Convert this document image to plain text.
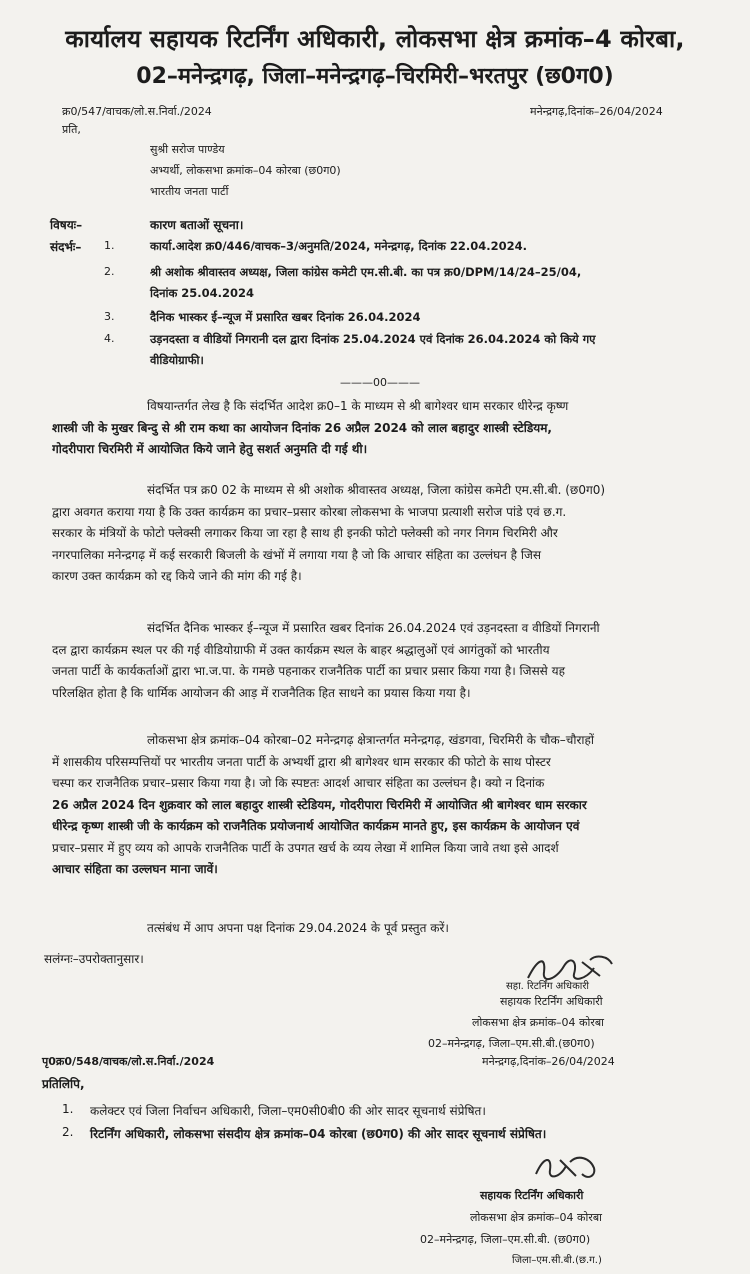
कार्यालय सहायक रिटर्निंग अधिकारी, लोकसभा क्षेत्र क्रमांक–4 कोरबा,
02–मनेन्द्रगढ़, जिला–मनेन्द्रगढ़–चिरमिरी–भरतपुर (छ0ग0)
क्र0/547/वाचक/लो.स.निर्वा./2024	मनेन्द्रगढ़,दिनांक–26/04/2024
प्रति,
सुश्री सरोज पाण्डेय
अभ्यर्थी, लोकसभा क्रमांक–04 कोरबा (छ0ग0)
भारतीय जनता पार्टी
विषयः–	कारण बताओं सूचना।
संदर्भः– 1.	कार्या.आदेश क्र0/446/वाचक–3/अनुमति/2024, मनेन्द्रगढ़, दिनांक 22.04.2024.
2.	श्री अशोक श्रीवास्तव अध्यक्ष, जिला कांग्रेस कमेटी एम.सी.बी. का पत्र क्र0/DPM/14/24–25/04,
दिनांक 25.04.2024
3.	दैनिक भास्कर ई–न्यूज में प्रसारित खबर दिनांक 26.04.2024
4.	उड़नदस्ता व वीडियों निगरानी दल द्वारा दिनांक 25.04.2024 एवं दिनांक 26.04.2024 को किये गए
वीडियोग्राफी।
———00———
विषयान्तर्गत लेख है कि संदर्भित आदेश क्र0–1 के माध्यम से श्री बागेश्वर धाम सरकार धीरेन्द्र कृष्ण
शास्त्री जी के मुखर बिन्दु से श्री राम कथा का आयोजन दिनांक 26 अप्रैल 2024 को लाल बहादुर शास्त्री स्टेडियम,
गोदरीपारा चिरमिरी में आयोजित किये जाने हेतु सशर्त अनुमति दी गई थी।
संदर्भित पत्र क्र0 02 के माध्यम से श्री अशोक श्रीवास्तव अध्यक्ष, जिला कांग्रेस कमेटी एम.सी.बी. (छ0ग0)
द्वारा अवगत कराया गया है कि उक्त कार्यक्रम का प्रचार–प्रसार कोरबा लोकसभा के भाजपा प्रत्याशी सरोज पांडे एवं छ.ग.
सरकार के मंत्रियों के फोटो फ्लेक्सी लगाकर किया जा रहा है साथ ही इनकी फोटो फ्लेक्सी को नगर निगम चिरमिरी और
नगरपालिका मनेन्द्रगढ़ में कई सरकारी बिजली के खंभों में लगाया गया है जो कि आचार संहिता का उल्लंघन है जिस
कारण उक्त कार्यक्रम को रद्द किये जाने की मांग की गई है।
संदर्भित दैनिक भास्कर ई–न्यूज में प्रसारित खबर दिनांक 26.04.2024 एवं उड़नदस्ता व वीडियों निगरानी
दल द्वारा कार्यक्रम स्थल पर की गई वीडियोग्राफी में उक्त कार्यक्रम स्थल के बाहर श्रद्धालुओं एवं आगंतुकों को भारतीय
जनता पार्टी के कार्यकर्ताओं द्वारा भा.ज.पा. के गमछे पहनाकर राजनैतिक पार्टी का प्रचार प्रसार किया गया है। जिससे यह
परिलक्षित होता है कि धार्मिक आयोजन की आड़ में राजनैतिक हित साधने का प्रयास किया गया है।
लोकसभा क्षेत्र क्रमांक–04 कोरबा–02 मनेन्द्रगढ़ क्षेत्रान्तर्गत मनेन्द्रगढ़, खंडगवा, चिरमिरी के चौक–चौराहों
में शासकीय परिसम्पत्तियों पर भारतीय जनता पार्टी के अभ्यर्थी द्वारा श्री बागेश्वर धाम सरकार की फोटो के साथ पोस्टर
चस्पा कर राजनैतिक प्रचार–प्रसार किया गया है। जो कि स्पष्टतः आदर्श आचार संहिता का उल्लंघन है। क्यो न दिनांक
26 अप्रैल 2024 दिन शुक्रवार को लाल बहादुर शास्त्री स्टेडियम, गोदरीपारा चिरमिरी में आयोजित श्री बागेश्वर धाम सरकार
धीरेन्द्र कृष्ण शास्त्री जी के कार्यक्रम को राजनैतिक प्रयोजनार्थ आयोजित कार्यक्रम मानते हुए, इस कार्यक्रम के आयोजन एवं
प्रचार–प्रसार में हुए व्यय को आपके राजनैतिक पार्टी के उपगत खर्च के व्यय लेखा में शामिल किया जावे तथा इसे आदर्श
आचार संहिता का उल्लघन माना जावें।
तत्संबंध में आप अपना पक्ष दिनांक 29.04.2024 के पूर्व प्रस्तुत करें।
सलंग्नः–उपरोक्तानुसार।
सहा. रिटर्निंग अधिकारी
सहायक रिटर्निंग अधिकारी
लोकसभा क्षेत्र क्रमांक–04 कोरबा
02–मनेन्द्रगढ़, जिला–एम.सी.बी.(छ0ग0)
पृ0क्र0/548/वाचक/लो.स.निर्वा./2024	मनेन्द्रगढ़,दिनांक–26/04/2024
प्रतिलिपि,
1. कलेक्टर एवं जिला निर्वाचन अधिकारी, जिला–एम0सी0बी0 की ओर सादर सूचनार्थ संप्रेषित।
2. रिटर्निंग अधिकारी, लोकसभा संसदीय क्षेत्र क्रमांक–04 कोरबा (छ0ग0) की ओर सादर सूचनार्थ संप्रेषित।
सहायक रिटर्निंग अधिकारी
लोकसभा क्षेत्र क्रमांक–04 कोरबा
02–मनेन्द्रगढ़, जिला–एम.सी.बी. (छ0ग0)
जिला–एम.सी.बी.(छ.ग.)
